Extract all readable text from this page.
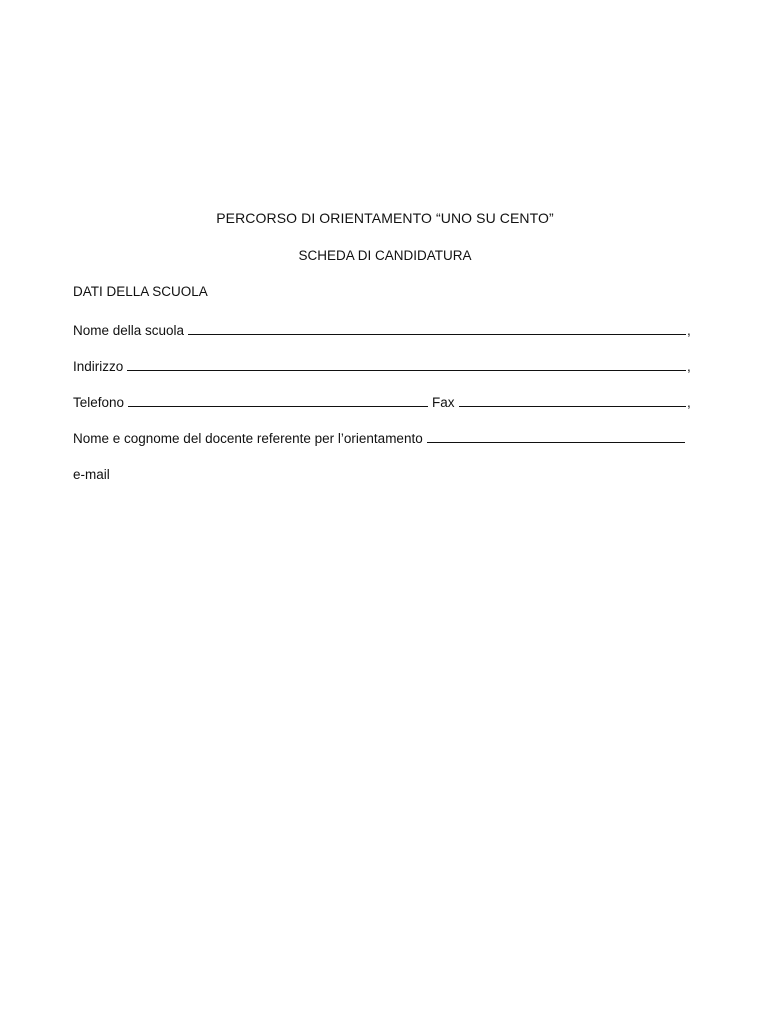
PERCORSO DI ORIENTAMENTO “UNO SU CENTO”
SCHEDA DI CANDIDATURA
DATI DELLA SCUOLA
Nome della scuola	,
Indirizzo	,
Telefono	Fax	,
Nome e cognome del docente referente per l’orientamento
e-mail
